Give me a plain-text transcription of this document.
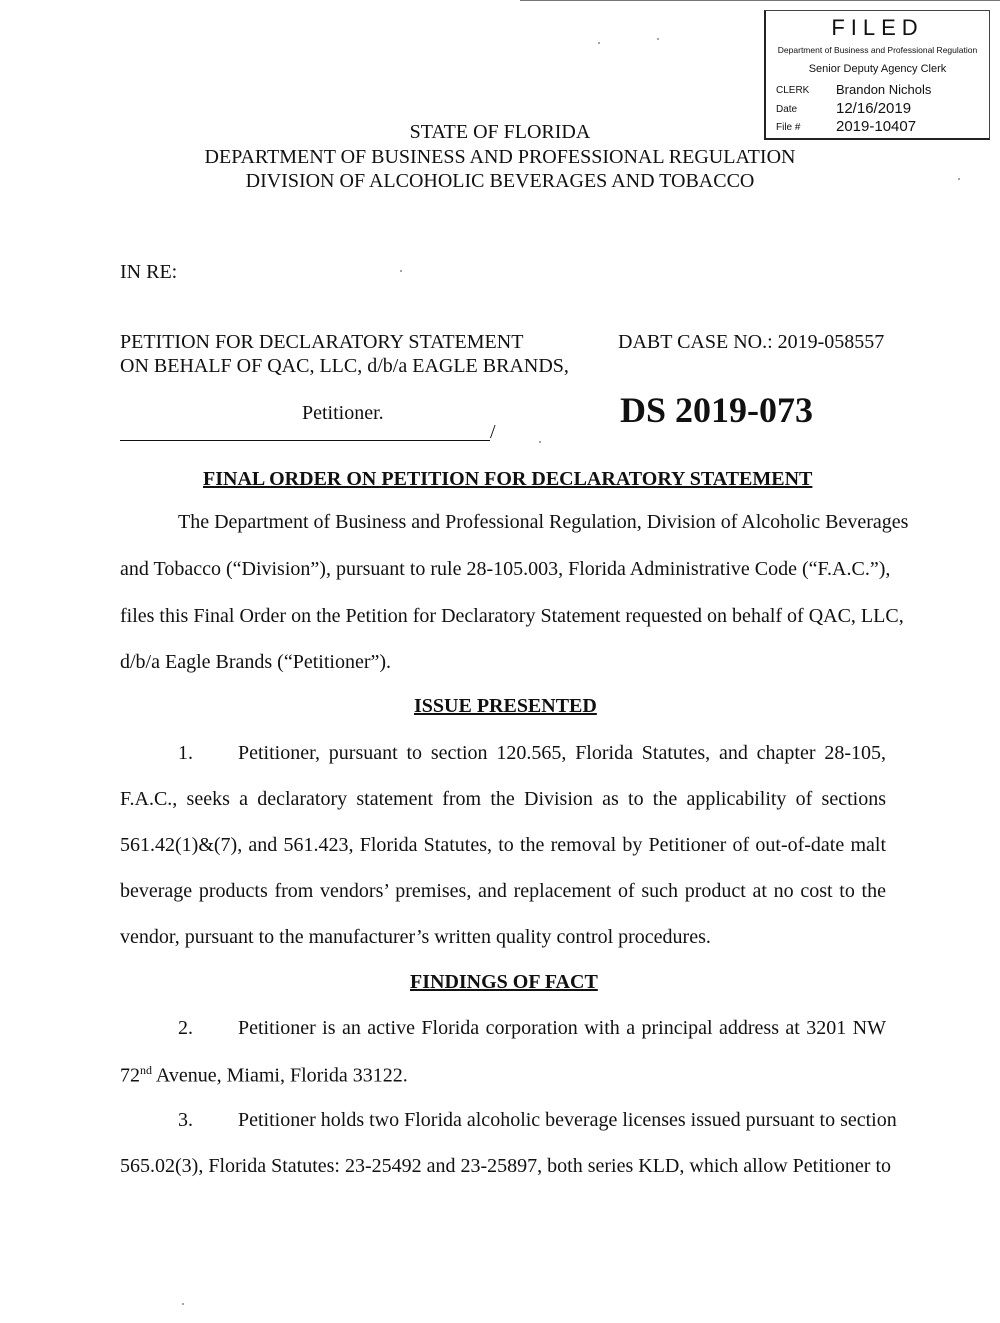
FILED
Department of Business and Professional Regulation
Senior Deputy Agency Clerk
CLERK Brandon Nichols
Date	12/16/2019
File # 2019-10407
STATE OF FLORIDA
DEPARTMENT OF BUSINESS AND PROFESSIONAL REGULATION
DIVISION OF ALCOHOLIC BEVERAGES AND TOBACCO
IN RE:
PETITION FOR DECLARATORY STATEMENT
ON BEHALF OF QAC, LLC, d/b/a EAGLE BRANDS,
DABT CASE NO.: 2019-058557
Petitioner.	DS 2019-073
/
FINAL ORDER ON PETITION FOR DECLARATORY STATEMENT
The Department of Business and Professional Regulation, Division of Alcoholic Beverages
and Tobacco (“Division”), pursuant to rule 28-105.003, Florida Administrative Code (“F.A.C.”),
files this Final Order on the Petition for Declaratory Statement requested on behalf of QAC, LLC,
d/b/a Eagle Brands (“Petitioner”).
ISSUE PRESENTED
1. Petitioner, pursuant to section 120.565, Florida Statutes, and chapter 28-105,
F.A.C., seeks a declaratory statement from the Division as to the applicability of sections
561.42(1)&(7), and 561.423, Florida Statutes, to the removal by Petitioner of out-of-date malt
beverage products from vendors’ premises, and replacement of such product at no cost to the
vendor, pursuant to the manufacturer’s written quality control procedures.
FINDINGS OF FACT
2. Petitioner is an active Florida corporation with a principal address at 3201 NW
72nd Avenue, Miami, Florida 33122.
3. Petitioner holds two Florida alcoholic beverage licenses issued pursuant to section
565.02(3), Florida Statutes: 23-25492 and 23-25897, both series KLD, which allow Petitioner to
